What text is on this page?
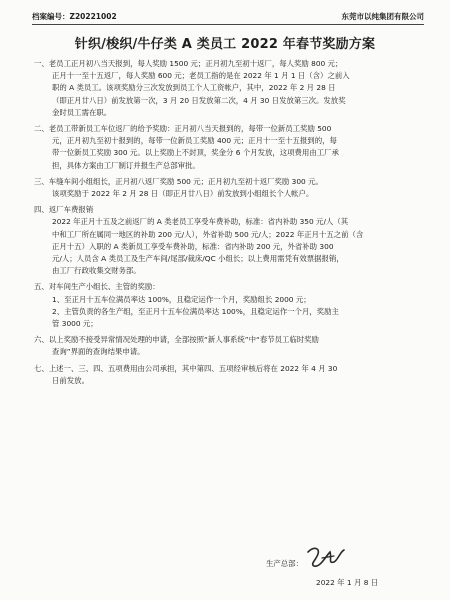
档案编号：Z20221002	东莞市以纯集团有限公司
针织/梭织/牛仔类 A 类员工 2022 年春节奖励方案

一、老员工正月初八当天报到，每人奖励 1500 元；正月初九至初十返厂，每人奖励 800 元；

正月十一至十五返厂，每人奖励 600 元；老员工指的是在 2022 年 1 月 1 日（含）之前入

职的 A 类员工。该项奖励分三次发放到员工个人工资帐户，其中，2022 年 2 月 28 日

（即正月廿八日）前发放第一次，3 月 20 日发放第二次，4 月 30 日发放第三次。发放奖

金时员工需在职。

二、老员工带新员工车位返厂的给予奖励：正月初八当天报到的，每带一位新员工奖励 500

元，正月初九至初十报到的，每带一位新员工奖励 400 元；正月十一至十五报到的，每

带一位新员工奖励 300 元。以上奖励上不封顶，奖金分 6 个月发放，这项费用由工厂承

担，具体方案由工厂制订并报生产总部审批。

三、车缝车间小组组长，正月初八返厂奖励 500 元；正月初九至初十返厂奖励 300 元。

该项奖励于 2022 年 2 月 28 日（即正月廿八日）前发放到小组组长个人帐户。

四、返厂车费报销

2022 年正月十五及之前返厂的 A 类老员工享受车费补助，标准：省内补助 350 元/人（其

中和工厂所在属同一地区的补助 200 元/人），外省补助 500 元/人；2022 年正月十五之前（含

正月十五）入职的 A 类新员工享受车费补助，标准：省内补助 200 元，外省补助 300

元/人；人员含 A 类员工及生产车间/尾部/裁床/QC 小组长；以上费用需凭有效票据报销，

由工厂行政收集交财务部。

五、对车间生产小组长、主管的奖励：

1、至正月十五车位满员率达 100%，且稳定运作一个月，奖励组长 2000 元；

2、主管负责的各生产组，至正月十五车位满员率达 100%，且稳定运作一个月，奖励主

管 3000 元；

六、以上奖励不接受异常情况处理的申请，全部按照“新人事系统”中“春节员工临时奖励

查询”界面的查询结果申请。

七、上述一、三、四、五项费用由公司承担，其中第四、五项经审核后将在 2022 年 4 月 30

日前发放。

生产总部：
2022 年 1 月 8 日
